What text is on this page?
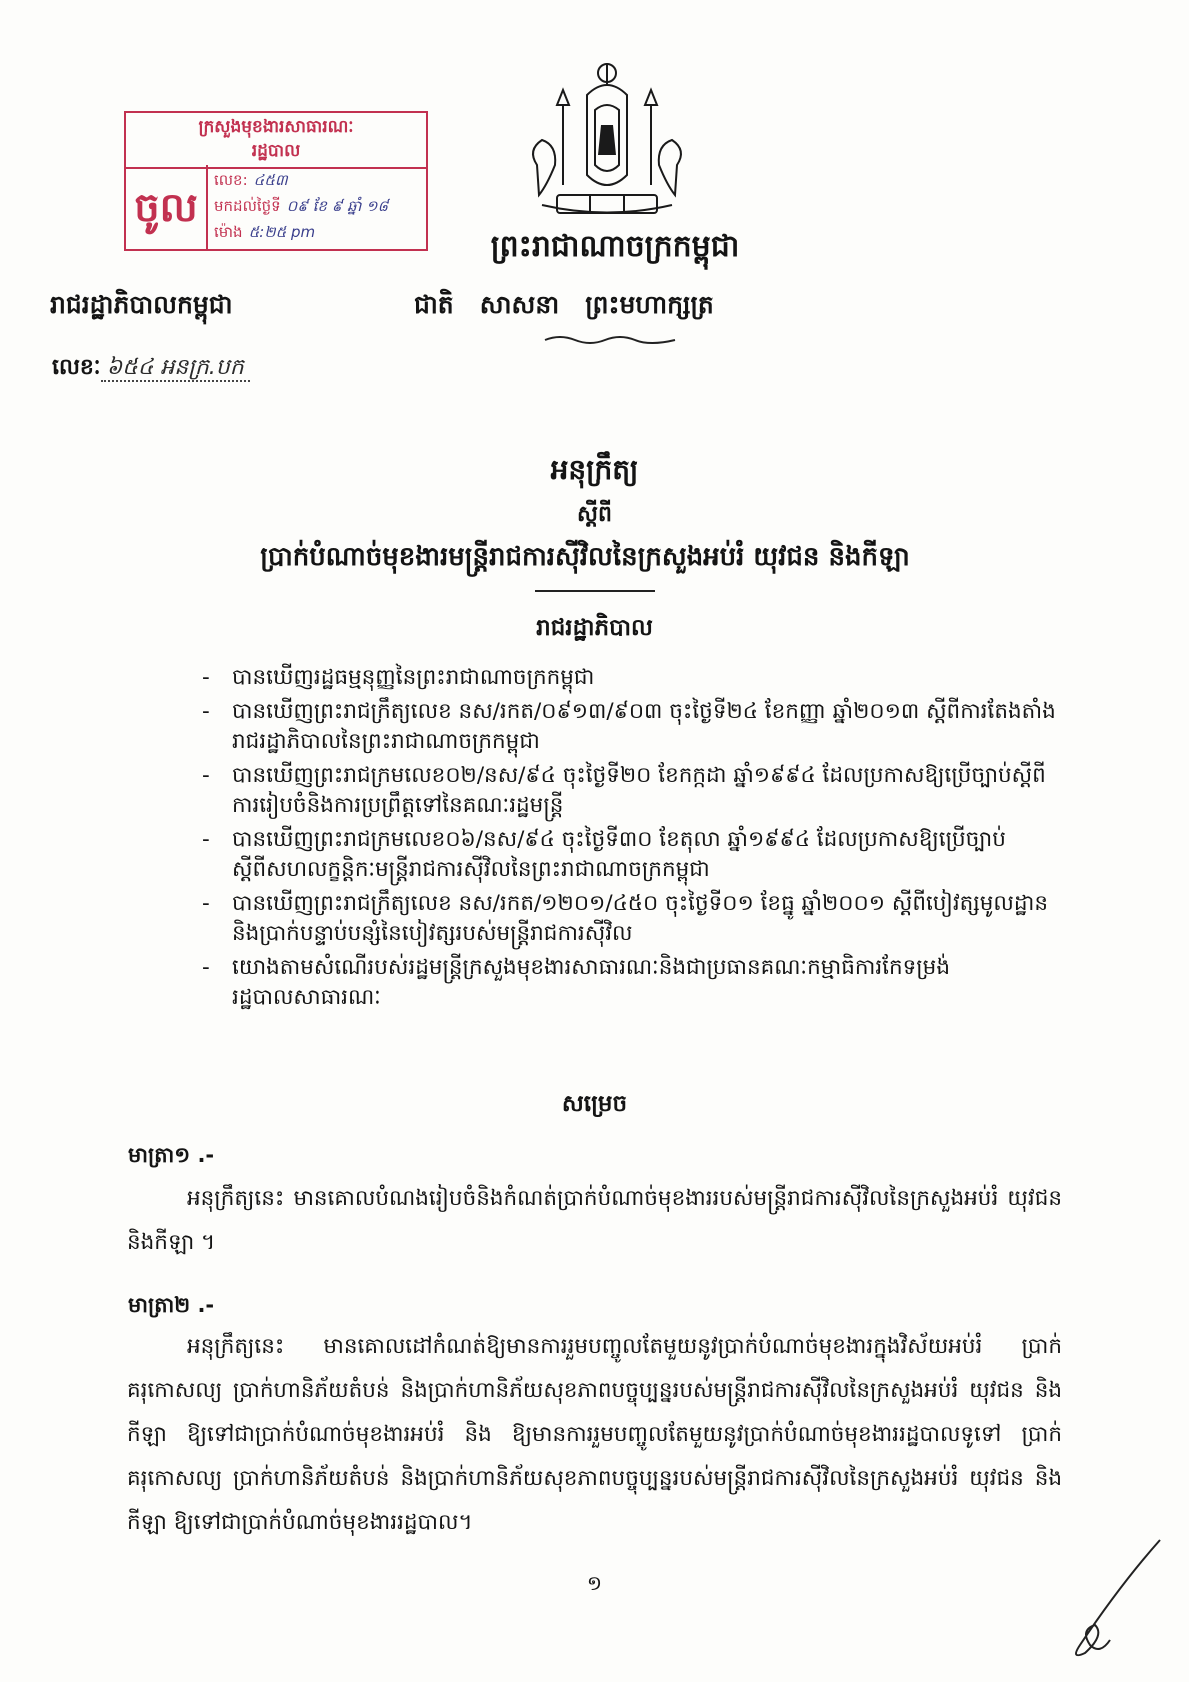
ក្រសួងមុខងារសាធារណៈ
រដ្ឋបាល
ចូល
លេខ: ៤៥៣
មកដល់ថ្ងៃទី ០៩ ខែ ៩ ឆ្នាំ ១៨
ម៉ោង ៥:២៥ pm	ព្រះរាជាណាចក្រកម្ពុជា
ជាតិ   សាសនា   ព្រះមហាក្សត្រ
រាជរដ្ឋាភិបាលកម្ពុជា
លេខៈ ៦៥៤ អនក្រ.បក
អនុក្រឹត្យ
ស្តីពី
ប្រាក់បំណាច់មុខងារមន្ត្រីរាជការស៊ីវិលនៃក្រសួងអប់រំ យុវជន និងកីឡា
រាជរដ្ឋាភិបាល
- បានឃើញរដ្ឋធម្មនុញ្ញនៃព្រះរាជាណាចក្រកម្ពុជា
- បានឃើញព្រះរាជក្រឹត្យលេខ នស/រកត/០៩១៣/៩០៣ ចុះថ្ងៃទី២៤ ខែកញ្ញា ឆ្នាំ២០១៣ ស្តីពីការតែងតាំងរាជរដ្ឋាភិបាលនៃព្រះរាជាណាចក្រកម្ពុជា
- បានឃើញព្រះរាជក្រមលេខ០២/នស/៩៤ ចុះថ្ងៃទី២០ ខែកក្កដា ឆ្នាំ១៩៩៤ ដែលប្រកាសឱ្យប្រើច្បាប់ស្តីពីការរៀបចំនិងការប្រព្រឹត្តទៅនៃគណៈរដ្ឋមន្ត្រី
- បានឃើញព្រះរាជក្រមលេខ០៦/នស/៩៤ ចុះថ្ងៃទី៣០ ខែតុលា ឆ្នាំ១៩៩៤ ដែលប្រកាសឱ្យប្រើច្បាប់ស្តីពីសហលក្ខន្តិកៈមន្ត្រីរាជការស៊ីវិលនៃព្រះរាជាណាចក្រកម្ពុជា
- បានឃើញព្រះរាជក្រឹត្យលេខ នស/រកត/១២០១/៤៥០ ចុះថ្ងៃទី០១ ខែធ្នូ ឆ្នាំ២០០១ ស្តីពីបៀវត្សមូលដ្ឋាននិងប្រាក់បន្ទាប់បន្សំនៃបៀវត្សរបស់មន្ត្រីរាជការស៊ីវិល
- យោងតាមសំណើរបស់រដ្ឋមន្ត្រីក្រសួងមុខងារសាធារណៈនិងជាប្រធានគណៈកម្មាធិការកែទម្រង់រដ្ឋបាលសាធារណៈ
សម្រេច
មាត្រា១ .-
អនុក្រឹត្យនេះ មានគោលបំណងរៀបចំនិងកំណត់ប្រាក់បំណាច់មុខងាររបស់មន្ត្រីរាជការស៊ីវិលនៃក្រសួងអប់រំ យុវជន និងកីឡា ។
មាត្រា២ .-
អនុក្រឹត្យនេះ មានគោលដៅកំណត់ឱ្យមានការរួមបញ្ចូលតែមួយនូវប្រាក់បំណាច់មុខងារក្នុងវិស័យអប់រំ ប្រាក់គរុកោសល្យ ប្រាក់ហានិភ័យតំបន់ និងប្រាក់ហានិភ័យសុខភាពបច្ចុប្បន្នរបស់មន្ត្រីរាជការស៊ីវិលនៃក្រសួងអប់រំ យុវជន និងកីឡា ឱ្យទៅជាប្រាក់បំណាច់មុខងារអប់រំ និង ឱ្យមានការរួមបញ្ចូលតែមួយនូវប្រាក់បំណាច់មុខងាររដ្ឋបាលទូទៅ ប្រាក់គរុកោសល្យ ប្រាក់ហានិភ័យតំបន់ និងប្រាក់ហានិភ័យសុខភាពបច្ចុប្បន្នរបស់មន្ត្រីរាជការស៊ីវិលនៃក្រសួងអប់រំ យុវជន និងកីឡា ឱ្យទៅជាប្រាក់បំណាច់មុខងាររដ្ឋបាល។
១
